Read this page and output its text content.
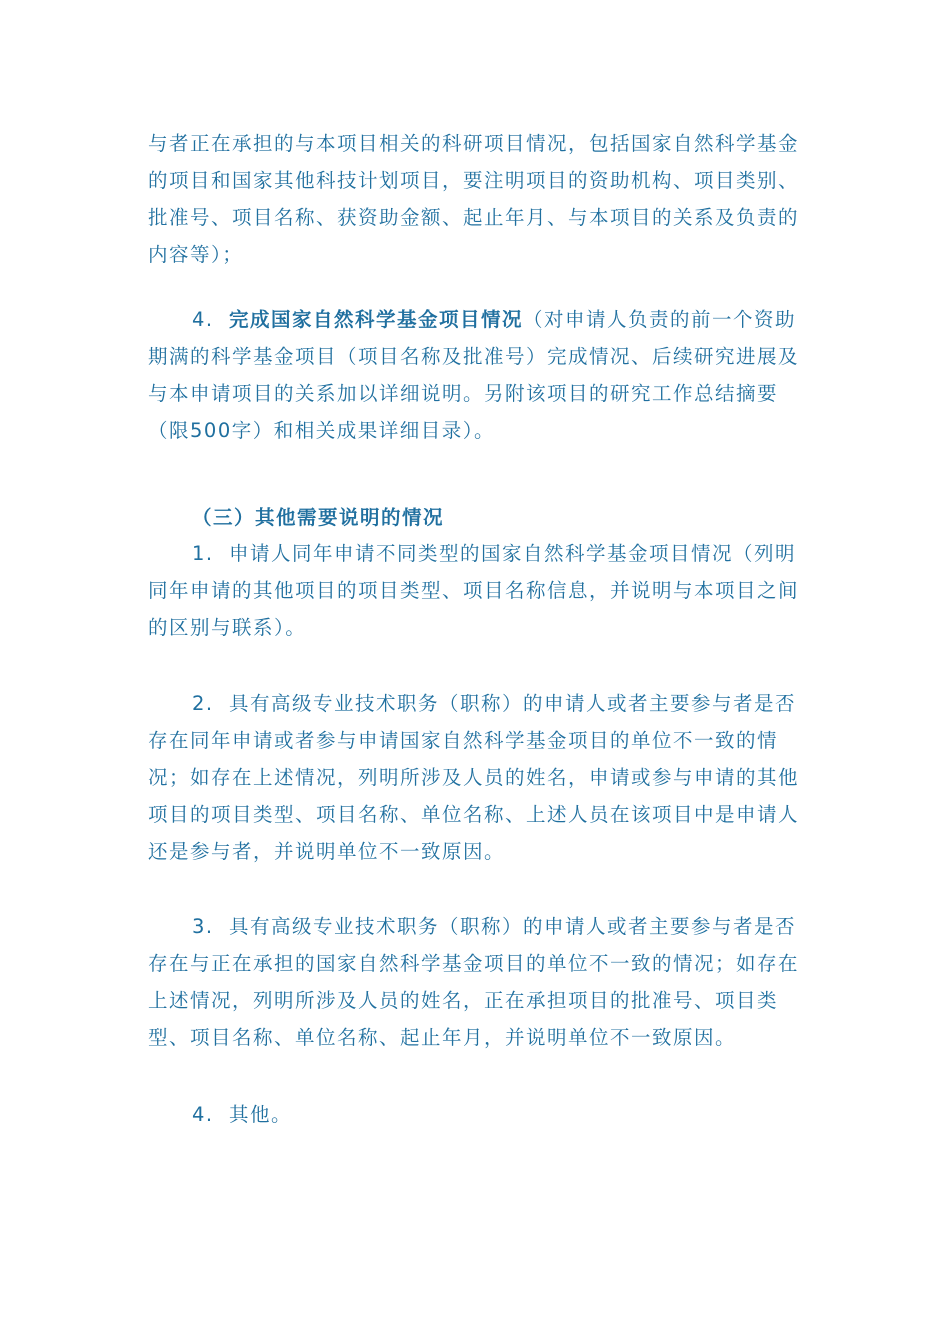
与者正在承担的与本项目相关的科研项目情况，包括国家自然科学基金的项目和国家其他科技计划项目，要注明项目的资助机构、项目类别、批准号、项目名称、获资助金额、起止年月、与本项目的关系及负责的内容等）；

4. 完成国家自然科学基金项目情况（对申请人负责的前一个资助期满的科学基金项目（项目名称及批准号）完成情况、后续研究进展及与本申请项目的关系加以详细说明。另附该项目的研究工作总结摘要（限500字）和相关成果详细目录）。

（三）其他需要说明的情况

1. 申请人同年申请不同类型的国家自然科学基金项目情况（列明同年申请的其他项目的项目类型、项目名称信息，并说明与本项目之间的区别与联系）。

2. 具有高级专业技术职务（职称）的申请人或者主要参与者是否存在同年申请或者参与申请国家自然科学基金项目的单位不一致的情况；如存在上述情况，列明所涉及人员的姓名，申请或参与申请的其他项目的项目类型、项目名称、单位名称、上述人员在该项目中是申请人还是参与者，并说明单位不一致原因。

3. 具有高级专业技术职务（职称）的申请人或者主要参与者是否存在与正在承担的国家自然科学基金项目的单位不一致的情况；如存在上述情况，列明所涉及人员的姓名，正在承担项目的批准号、项目类型、项目名称、单位名称、起止年月，并说明单位不一致原因。

4. 其他。
